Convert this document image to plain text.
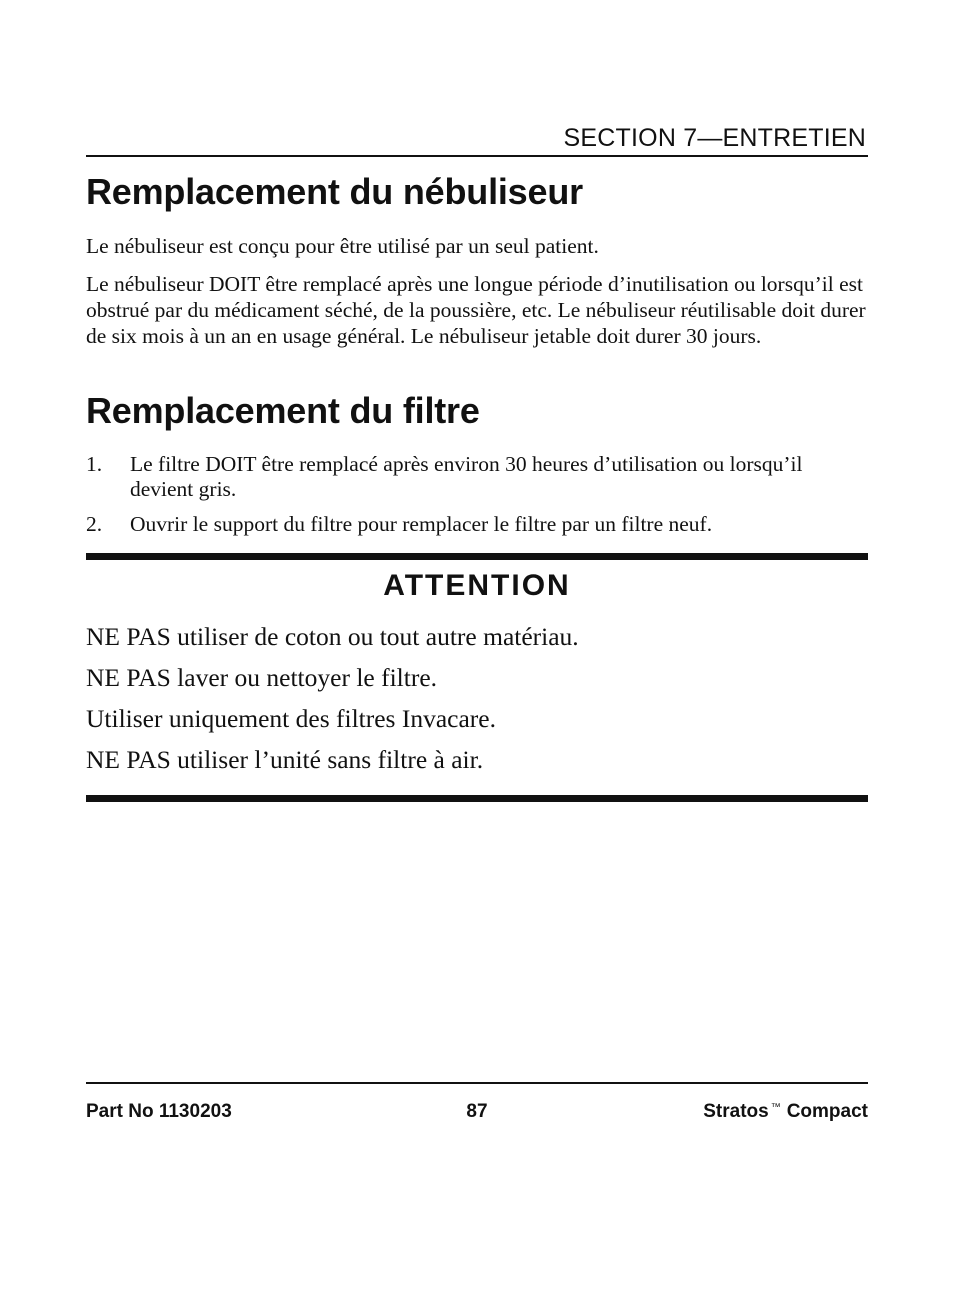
SECTION 7—ENTRETIEN
Remplacement du nébuliseur

Le nébuliseur est conçu pour être utilisé par un seul patient.

Le nébuliseur DOIT être remplacé après une longue période d’inutilisation ou lorsqu’il est obstrué par du médicament séché, de la poussière, etc. Le nébuliseur réutilisable doit durer de six mois à un an en usage général. Le nébuliseur jetable doit durer 30 jours.

Remplacement du filtre
1. Le filtre DOIT être remplacé après environ 30 heures d’utilisation ou lorsqu’il devient gris.
2. Ouvrir le support du filtre pour remplacer le filtre par un filtre neuf.
ATTENTION
NE PAS utiliser de coton ou tout autre matériau.
NE PAS laver ou nettoyer le filtre.
Utiliser uniquement des filtres Invacare.
NE PAS utiliser l’unité sans filtre à air.
Part No 1130203	87	Stratos ™ Compact
